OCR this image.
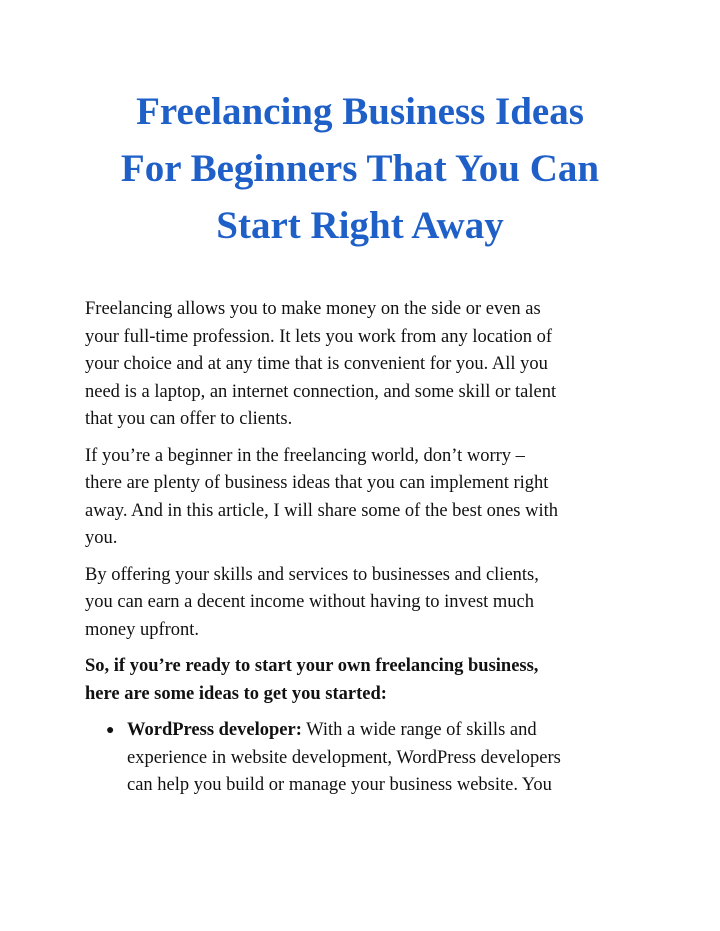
Freelancing Business Ideas
For Beginners That You Can
Start Right Away

Freelancing allows you to make money on the side or even as
your full-time profession. It lets you work from any location of
your choice and at any time that is convenient for you. All you
need is a laptop, an internet connection, and some skill or talent
that you can offer to clients.

If you’re a beginner in the freelancing world, don’t worry –
there are plenty of business ideas that you can implement right
away. And in this article, I will share some of the best ones with
you.

By offering your skills and services to businesses and clients,
you can earn a decent income without having to invest much
money upfront.

So, if you’re ready to start your own freelancing business,
here are some ideas to get you started:

● WordPress developer: With a wide range of skills and
experience in website development, WordPress developers
can help you build or manage your business website. You
